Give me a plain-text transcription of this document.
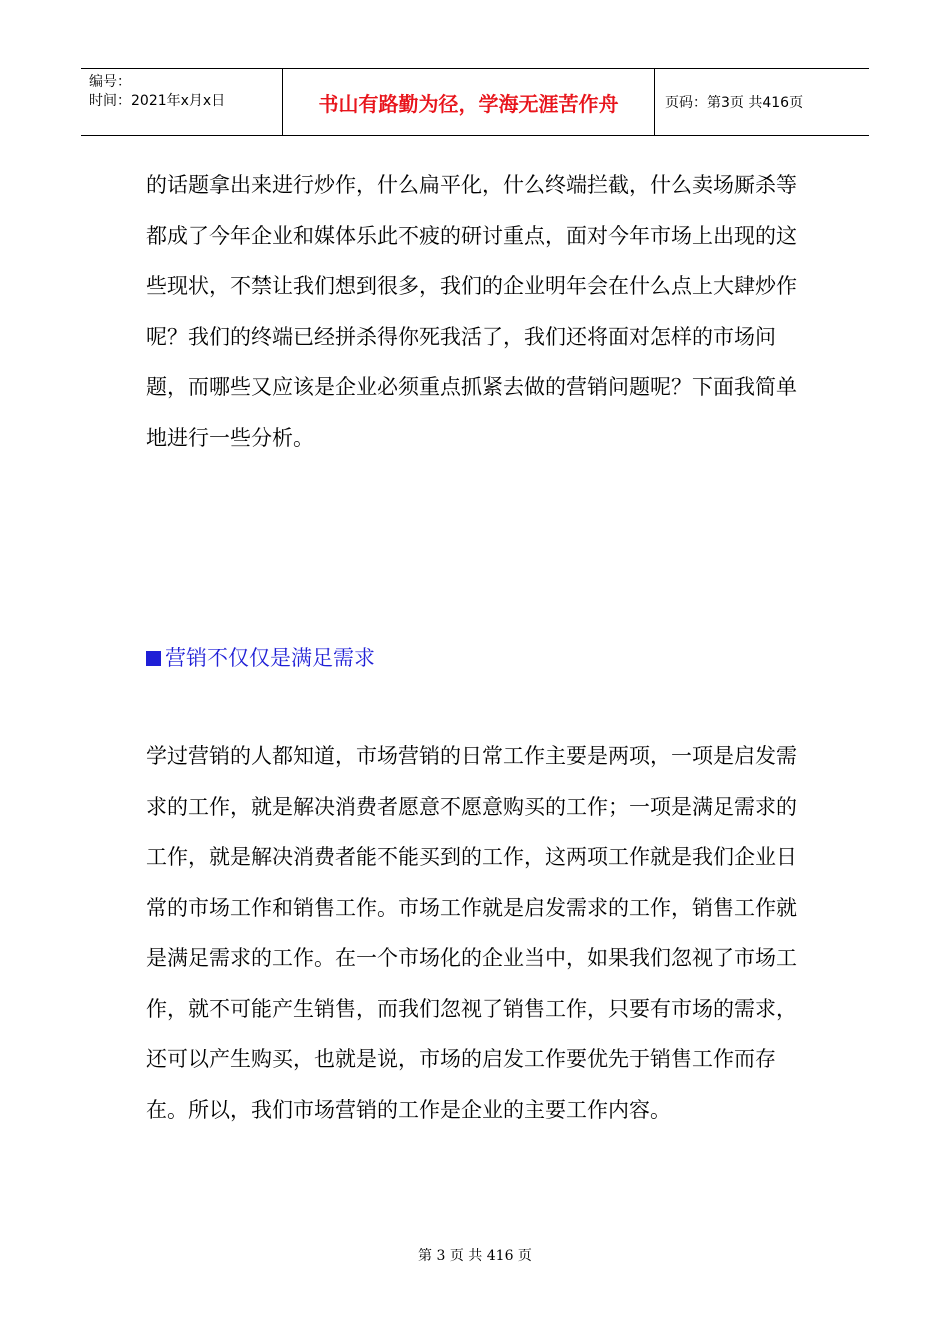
编号：
时间：2021年x月x日	书山有路勤为径，学海无涯苦作舟	页码：第3页 共416页

的话题拿出来进行炒作，什么扁平化，什么终端拦截，什么卖场厮杀等都成了今年企业和媒体乐此不疲的研讨重点，面对今年市场上出现的这些现状，不禁让我们想到很多，我们的企业明年会在什么点上大肆炒作呢？我们的终端已经拼杀得你死我活了，我们还将面对怎样的市场问题，而哪些又应该是企业必须重点抓紧去做的营销问题呢？下面我简单地进行一些分析。

营销不仅仅是满足需求

学过营销的人都知道，市场营销的日常工作主要是两项，一项是启发需求的工作，就是解决消费者愿意不愿意购买的工作；一项是满足需求的工作，就是解决消费者能不能买到的工作，这两项工作就是我们企业日常的市场工作和销售工作。市场工作就是启发需求的工作，销售工作就是满足需求的工作。在一个市场化的企业当中，如果我们忽视了市场工作，就不可能产生销售，而我们忽视了销售工作，只要有市场的需求，还可以产生购买，也就是说，市场的启发工作要优先于销售工作而存在。所以，我们市场营销的工作是企业的主要工作内容。

第 3 页 共 416 页
